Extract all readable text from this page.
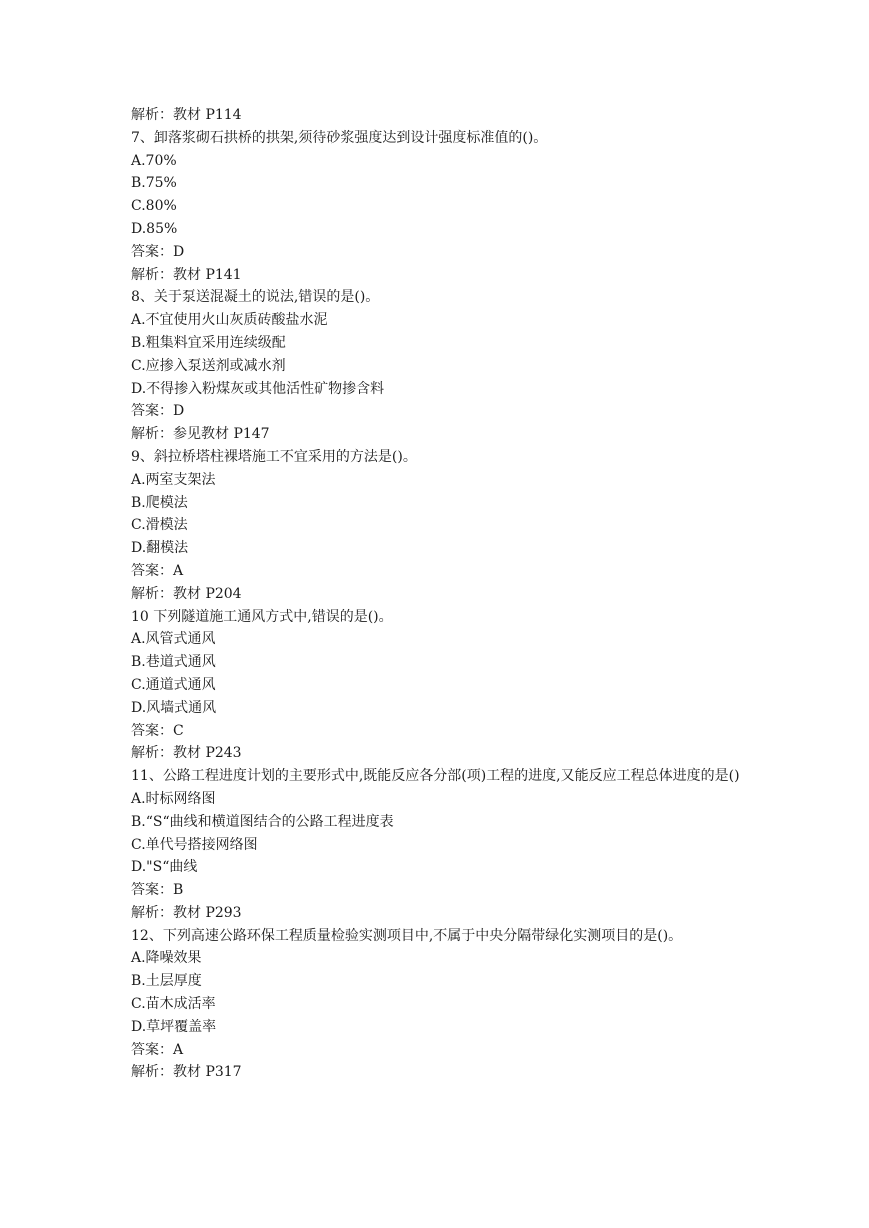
解析：教材 P114
7、卸落浆砌石拱桥的拱架,须待砂浆强度达到设计强度标准值的()。
A.70%
B.75%
C.80%
D.85%
答案：D
解析：教材 P141
8、关于泵送混凝土的说法,错误的是()。
A.不宜使用火山灰质砖酸盐水泥
B.粗集料宜采用连续级配
C.应掺入泵送剂或减水剂
D.不得掺入粉煤灰或其他活性矿物掺含料
答案：D
解析：参见教材 P147
9、斜拉桥塔柱裸塔施工不宜采用的方法是()。
A.两室支架法
B.爬模法
C.滑模法
D.翻模法
答案：A
解析：教材 P204
10 下列隧道施工通风方式中,错误的是()。
A.风管式通风
B.巷道式通风
C.通道式通风
D.风墙式通风
答案：C
解析：教材 P243
11、公路工程进度计划的主要形式中,既能反应各分部(项)工程的进度,又能反应工程总体进度的是()
A.时标网络图
B.“S“曲线和横道图结合的公路工程进度表
C.单代号搭接网络图
D."S“曲线
答案：B
解析：教材 P293
12、下列高速公路环保工程质量检验实测项目中,不属于中央分隔带绿化实测项目的是()。
A.降噪效果
B.土层厚度
C.苗木成活率
D.草坪覆盖率
答案：A
解析：教材 P317
